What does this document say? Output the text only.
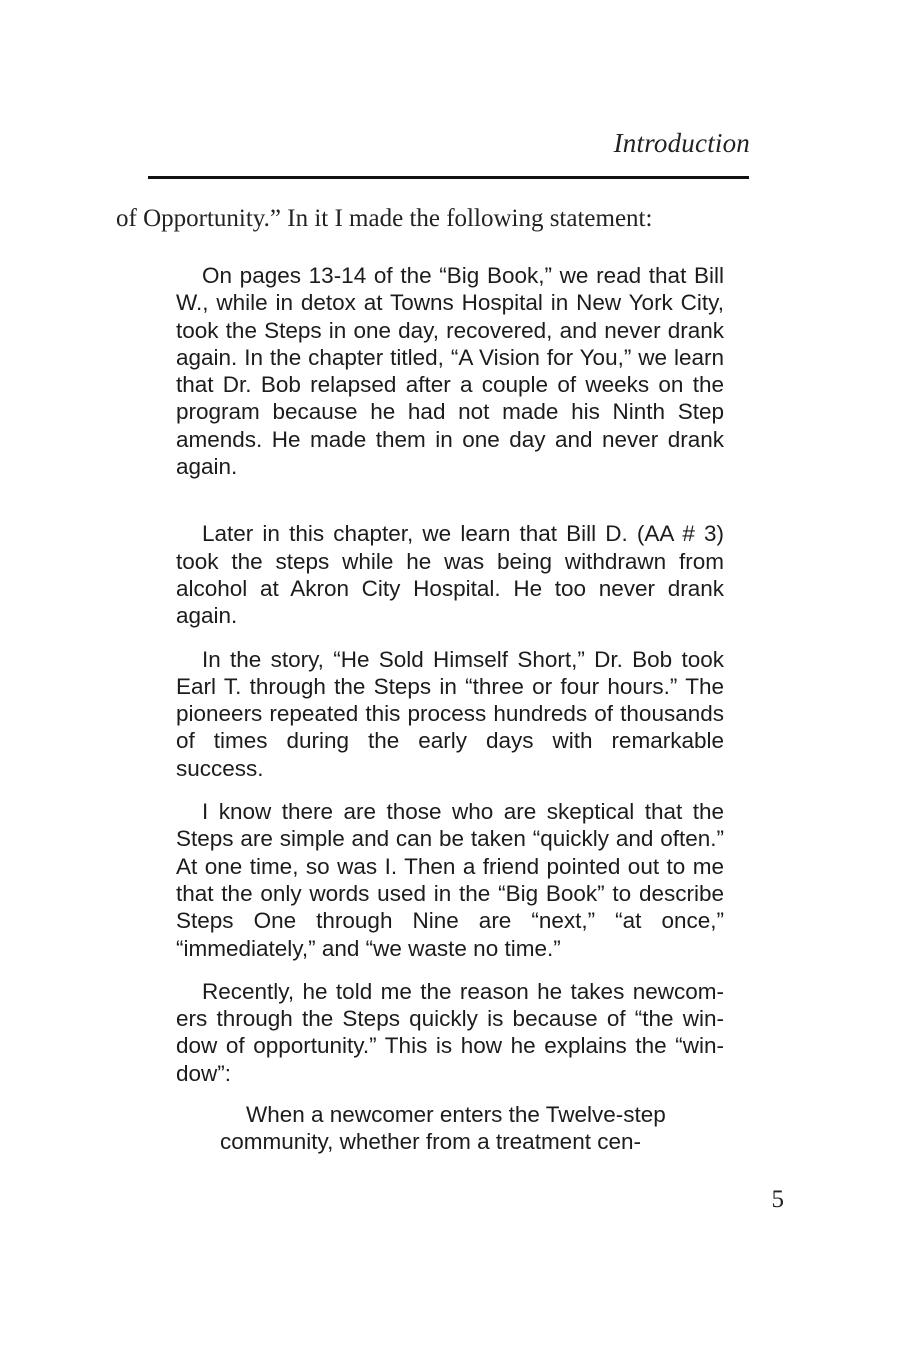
Introduction
of Opportunity.” In it I made the following statement:

On pages 13-14 of the “Big Book,” we read that Bill W., while in detox at Towns Hospital in New York City, took the Steps in one day, recovered, and never drank again. In the chapter titled, “A Vision for You,” we learn that Dr. Bob relapsed after a couple of weeks on the program because he had not made his Ninth Step amends. He made them in one day and never drank again.

Later in this chapter, we learn that Bill D. (AA # 3) took the steps while he was being withdrawn from alcohol at Akron City Hospital. He too never drank again.

In the story, “He Sold Himself Short,” Dr. Bob took Earl T. through the Steps in “three or four hours.” The pioneers repeated this process hundreds of thousands of times during the early days with remarkable success.

I know there are those who are skeptical that the Steps are simple and can be taken “quickly and often.” At one time, so was I. Then a friend pointed out to me that the only words used in the “Big Book” to describe Steps One through Nine are “next,” “at once,” “immediately,” and “we waste no time.”

Recently, he told me the reason he takes newcomers through the Steps quickly is because of “the window of opportunity.” This is how he explains the “window”:

When a newcomer enters the Twelve-step community, whether from a treatment cen-

5
